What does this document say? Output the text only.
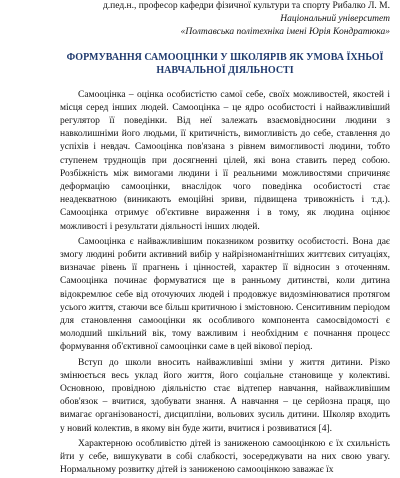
д.пед.н., професор кафедри фізичної культури та спорту Рибалко Л. М.
Національний університет
«Полтавська політехніка імені Юрія Кондратюка»
ФОРМУВАННЯ САМООЦІНКИ У ШКОЛЯРІВ ЯК УМОВА ЇХНЬОЇ
НАВЧАЛЬНОЇ ДІЯЛЬНОСТІ

Самооцінка – оцінка особистістю самої себе, своїх можливостей, якостей і місця серед інших людей. Самооцінка – це ядро особистості і найважливіший регулятор її поведінки. Від неї залежать взаємовідносини людини з навколишніми його людьми, її критичність, вимогливість до себе, ставлення до успіхів і невдач. Самооцінка пов'язана з рівнем вимогливості людини, тобто ступенем труднощів при досягненні цілей, які вона ставить перед собою. Розбіжність між вимогами людини і її реальними можливостями спричиняє деформацію самооцінки, внаслідок чого поведінка особистості стає неадекватною (виникають емоційні зриви, підвищена тривожність і т.д.). Самооцінка отримує об'єктивне вираження і в тому, як людина оцінює можливості і результати діяльності інших людей.

Самооцінка є найважливішим показником розвитку особистості. Вона дає змогу людині робити активний вибір у найрізноманітніших життєвих ситуаціях, визначає рівень її прагнень і цінностей, характер її відносин з оточенням. Самооцінка починає формуватися ще в ранньому дитинстві, коли дитина відокремлює себе від оточуючих людей і продовжує видозмінюватися протягом усього життя, стаючи все більш критичною і змістовною. Сенситивним періодом для становлення самооцінки як особливого компонента самосвідомості є молодший шкільний вік, тому важливим і необхідним є почнання процесс формування об'єктивної самооцінки саме в цей вікової період.

Вступ до школи вносить найважливіші зміни у життя дитини. Різко змінюється весь уклад його життя, його соціальне становище у колективі. Основною, провідною діяльністю стає відтепер навчання, найважливішим обов'язок – вчитися, здобувати знання. А навчання – це серйозна праця, що вимагає організованості, дисципліни, вольових зусиль дитини. Школяр входить у новий колектив, в якому він буде жити, вчитися і розвиватися [4].

Характерною особливістю дітей із заниженою самооцінкою є їх схильність йти у себе, вишукувати в собі слабкості, зосереджувати на них свою увагу. Нормальному розвитку дітей із заниженою самооцінкою заважає їх
